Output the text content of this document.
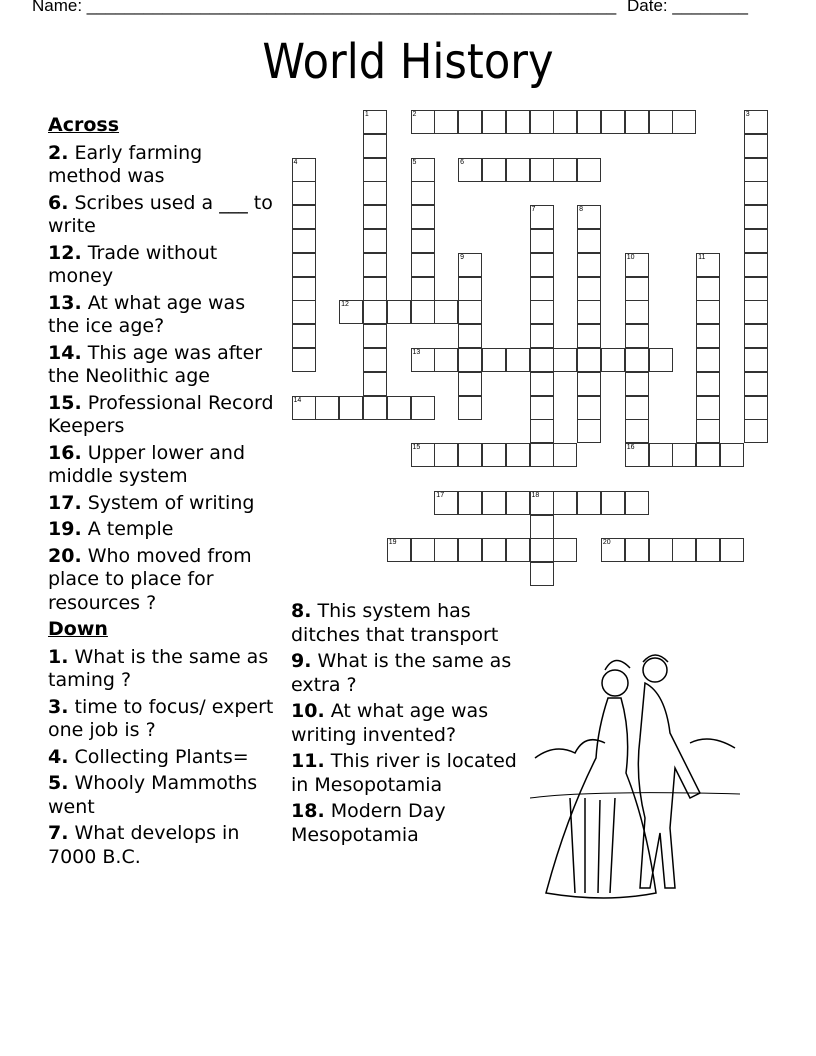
Name: ________________________________________________________ Date: ________
World History
1	2	3
4	5	6
7	8
9	10
16
11
12
13
14
15
17	18
19	20
Across
2. Early farming method was
6. Scribes used a ___ to write
12. Trade without money
13. At what age was the ice age?
14. This age was after the Neolithic age
15. Professional Record Keepers
16. Upper lower and middle system
17. System of writing
19. A temple
20. Who moved from place to place for resources ?
Down
1. What is the same as taming ?
3. time to focus/ expert one job is ?
4. Collecting Plants=
5. Whooly Mammoths went
7. What develops in 7000 B.C.
8. This system has ditches that transport
9. What is the same as extra ?
10. At what age was writing invented?
11. This river is located in Mesopotamia
18. Modern Day Mesopotamia
